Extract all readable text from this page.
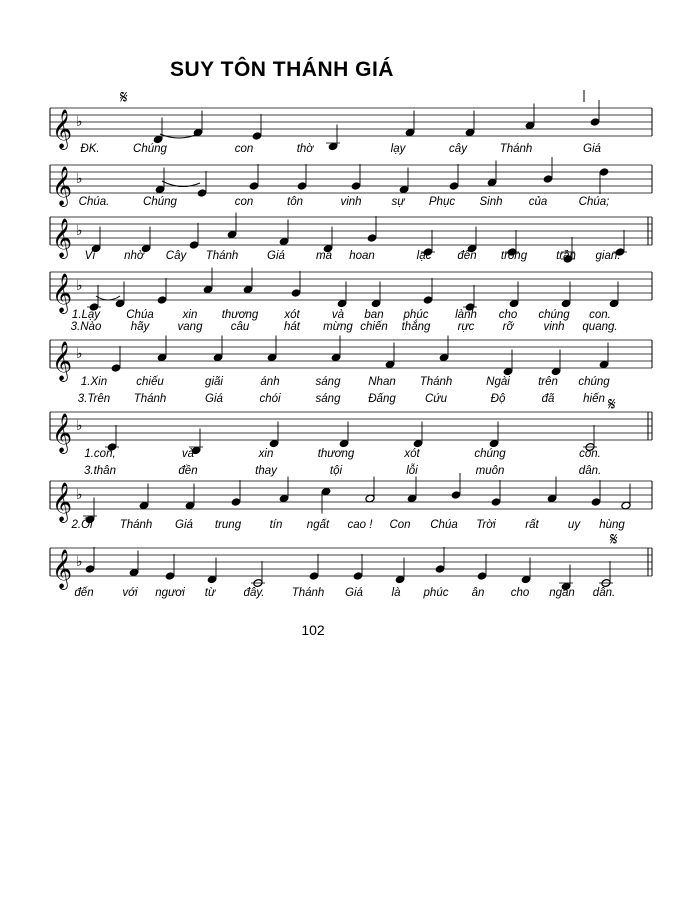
SUY TÔN THÁNH GIÁ
𝄞 ♭
𝄞 ♭
𝄞 ♭
𝄞 ♭
𝄞 ♭
𝄞 ♭
𝄞 ♭
𝄞 ♭
𝄋
𝄋
𝄋
ĐK.	Chúng	con	thờ	lạy	cây	Thánh	Giá
Chúa.	Chúng	con	tôn	vinh	sự Phục Sinh của	Chúa;
Vì nhờ Cây Thánh Giá	mà hoan	lạc đến trong	trần gian.
1.Lạy Chúa	xin thương xót	và ban phúc lành cho chúng con.
3.Nào	hãy vang câu	hát mừng chiến thắng rực rỡ	vinh quang.
1.Xin	chiếu	giãi	ánh	sáng Nhan Thánh	Ngài trên chúng
3.Trên Thánh	Giá	chói	sáng Đấng	Cứu	Độ	đã hiến
1.con,	và	xin	thương	xót	chúng	con.
3.thân	đền	thay	tội	lỗi	muôn	dân.
2.Ôi Thánh Giá trung tín ngất cao ! Con Chúa Trời	rất	uy hùng
đến	với ngươi từ đây. Thánh Giá là phúc ân cho ngàn dân.
102
